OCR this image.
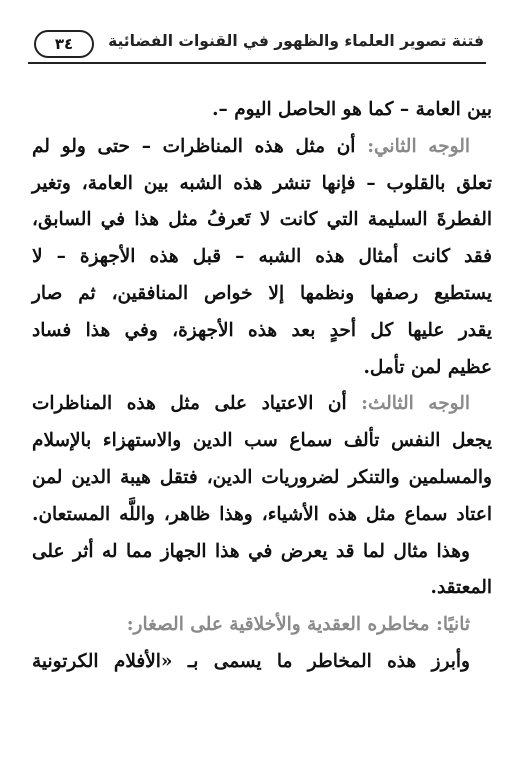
فتنة تصوير العلماء والظهور في القنوات الفضائية
٣٤
بين العامة – كما هو الحاصل اليوم –.
الوجه الثاني: أن مثل هذه المناظرات – حتى ولو لم
تعلق بالقلوب – فإنها تنشر هذه الشبه بين العامة، وتغير
الفطرةَ السليمة التي كانت لا تَعرفُ مثل هذا في السابق،
فقد كانت أمثال هذه الشبه – قبل هذه الأجهزة – لا
يستطيع رصفها ونظمها إلا خواص المنافقين، ثم صار
يقدر عليها كل أحدٍ بعد هذه الأجهزة، وفي هذا فساد
عظيم لمن تأمل.
الوجه الثالث: أن الاعتياد على مثل هذه المناظرات
يجعل النفس تألف سماع سب الدين والاستهزاء بالإسلام
والمسلمين والتنكر لضروريات الدين، فتقل هيبة الدين لمن
اعتاد سماع مثل هذه الأشياء، وهذا ظاهر، واللَّه المستعان.
وهذا مثال لما قد يعرض في هذا الجهاز مما له أثر على
المعتقد.
ثانيًا: مخاطره العقدية والأخلاقية على الصغار:
وأبرز هذه المخاطر ما يسمى بـ «الأفلام الكرتونية
